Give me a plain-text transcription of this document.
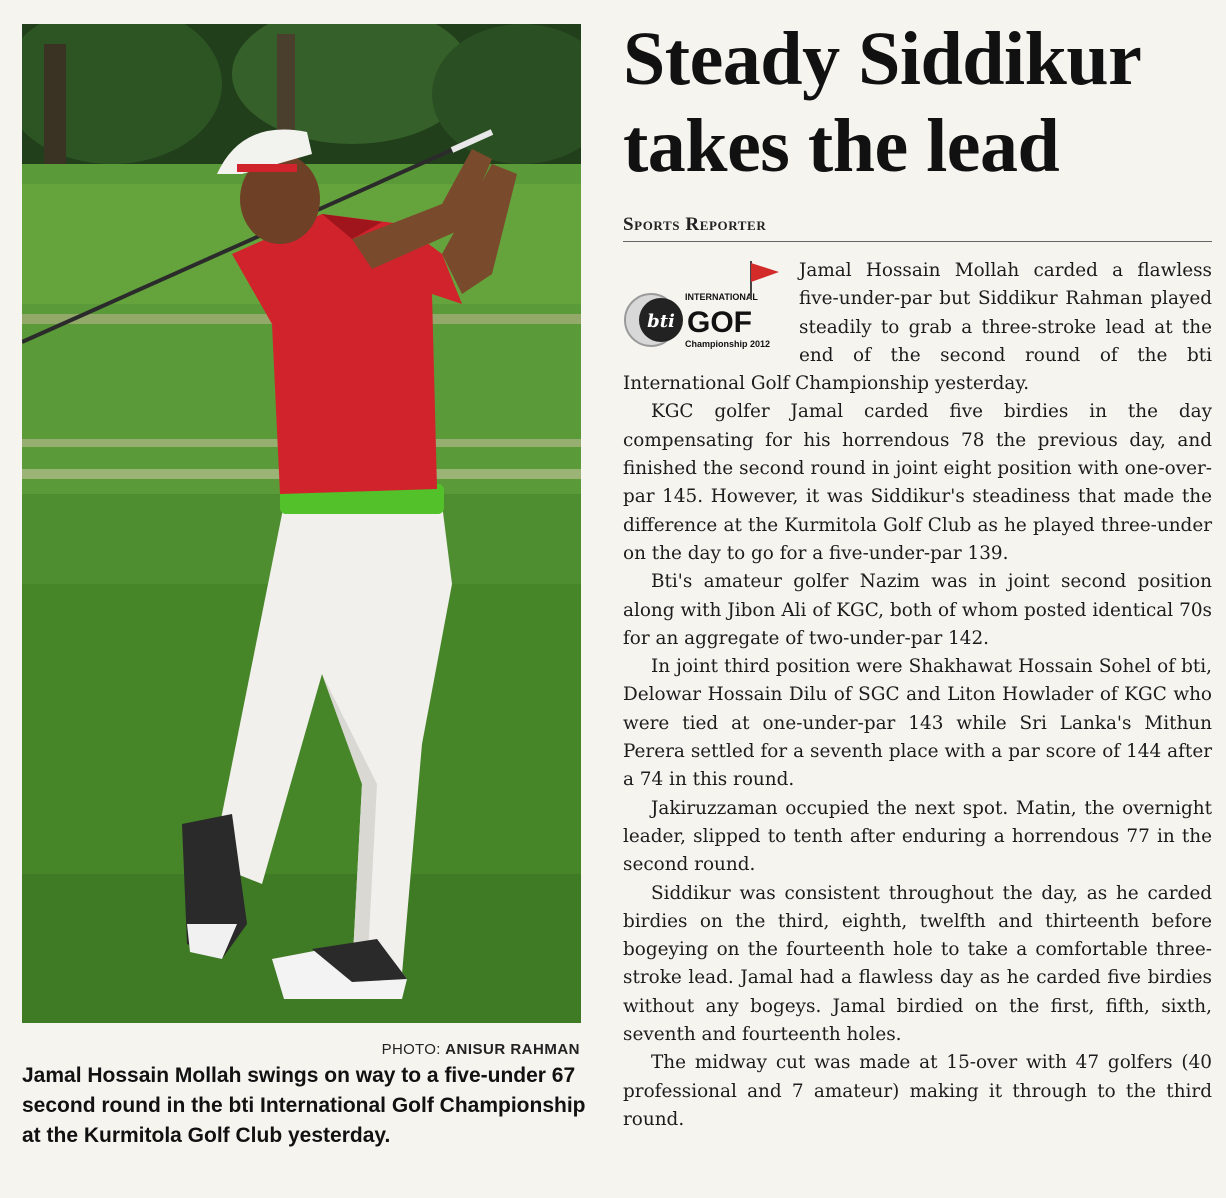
PHOTO: ANISUR RAHMAN
Jamal Hossain Mollah swings on way to a five-under 67 second round in the bti International Golf Championship at the Kurmitola Golf Club yesterday.
Steady Siddikur takes the lead
Sports Reporter
bti
INTERNATIONAL
GOF
Championship 2012

Jamal Hossain Mollah carded a flawless five-under-par but Siddikur Rahman played steadily to grab a three-stroke lead at the end of the second round of the bti International Golf Championship yesterday.

KGC golfer Jamal carded five birdies in the day compensating for his horrendous 78 the previous day, and finished the second round in joint eight position with one-over-par 145. However, it was Siddikur's steadiness that made the difference at the Kurmitola Golf Club as he played three-under on the day to go for a five-under-par 139.

Bti's amateur golfer Nazim was in joint second position along with Jibon Ali of KGC, both of whom posted identical 70s for an aggregate of two-under-par 142.

In joint third position were Shakhawat Hossain Sohel of bti, Delowar Hossain Dilu of SGC and Liton Howlader of KGC who were tied at one-under-par 143 while Sri Lanka's Mithun Perera settled for a seventh place with a par score of 144 after a 74 in this round.

Jakiruzzaman occupied the next spot. Matin, the overnight leader, slipped to tenth after enduring a horrendous 77 in the second round.

Siddikur was consistent throughout the day, as he carded birdies on the third, eighth, twelfth and thirteenth before bogeying on the fourteenth hole to take a comfortable three-stroke lead. Jamal had a flawless day as he carded five birdies without any bogeys. Jamal birdied on the first, fifth, sixth, seventh and fourteenth holes.

The midway cut was made at 15-over with 47 golfers (40 professional and 7 amateur) making it through to the third round.
